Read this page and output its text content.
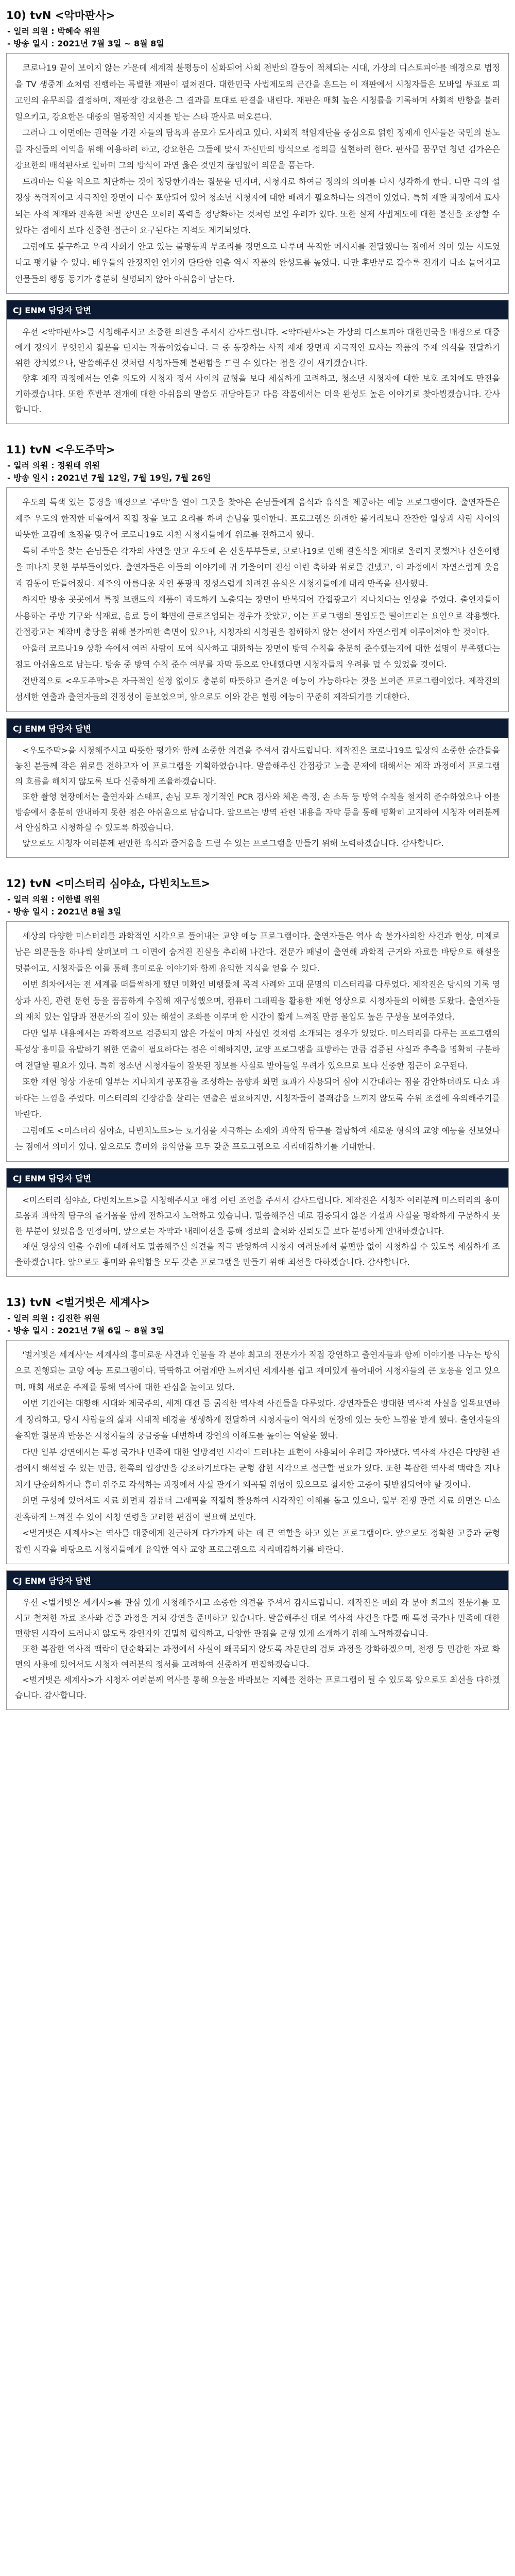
10) tvN <악마판사>
- 일러 의원 : 박혜숙 위원
- 방송 일시 : 2021년 7월 3일 ~ 8월 8일

코로나19 끝이 보이지 않는 가운데 세계적 불평등이 심화되어 사회 전반의 갈등이 적체되는 시대, 가상의 디스토피아를 배경으로 법정을 TV 생중계 쇼처럼 진행하는 특별한 재판이 펼쳐진다. 대한민국 사법제도의 근간을 흔드는 이 재판에서 시청자들은 모바일 투표로 피고인의 유무죄를 결정하며, 재판장 강요한은 그 결과를 토대로 판결을 내린다. 재판은 매회 높은 시청률을 기록하며 사회적 반향을 불러일으키고, 강요한은 대중의 열광적인 지지를 받는 스타 판사로 떠오른다.

그러나 그 이면에는 권력을 가진 자들의 탐욕과 음모가 도사리고 있다. 사회적 책임재단을 중심으로 얽힌 정재계 인사들은 국민의 분노를 자신들의 이익을 위해 이용하려 하고, 강요한은 그들에 맞서 자신만의 방식으로 정의를 실현하려 한다. 판사를 꿈꾸던 청년 김가온은 강요한의 배석판사로 일하며 그의 방식이 과연 옳은 것인지 끊임없이 의문을 품는다.

드라마는 악을 악으로 처단하는 것이 정당한가라는 질문을 던지며, 시청자로 하여금 정의의 의미를 다시 생각하게 한다. 다만 극의 설정상 폭력적이고 자극적인 장면이 다수 포함되어 있어 청소년 시청자에 대한 배려가 필요하다는 의견이 있었다. 특히 재판 과정에서 묘사되는 사적 제재와 잔혹한 처벌 장면은 오히려 폭력을 정당화하는 것처럼 보일 우려가 있다. 또한 실제 사법제도에 대한 불신을 조장할 수 있다는 점에서 보다 신중한 접근이 요구된다는 지적도 제기되었다.

그럼에도 불구하고 우리 사회가 안고 있는 불평등과 부조리를 정면으로 다루며 묵직한 메시지를 전달했다는 점에서 의미 있는 시도였다고 평가할 수 있다. 배우들의 안정적인 연기와 탄탄한 연출 역시 작품의 완성도를 높였다. 다만 후반부로 갈수록 전개가 다소 늘어지고 인물들의 행동 동기가 충분히 설명되지 않아 아쉬움이 남는다.

CJ ENM 담당자 답변

우선 <악마판사>를 시청해주시고 소중한 의견을 주셔서 감사드립니다. <악마판사>는 가상의 디스토피아 대한민국을 배경으로 대중에게 정의가 무엇인지 질문을 던지는 작품이었습니다. 극 중 등장하는 사적 제재 장면과 자극적인 묘사는 작품의 주제 의식을 전달하기 위한 장치였으나, 말씀해주신 것처럼 시청자들께 불편함을 드릴 수 있다는 점을 깊이 새기겠습니다.

향후 제작 과정에서는 연출 의도와 시청자 정서 사이의 균형을 보다 세심하게 고려하고, 청소년 시청자에 대한 보호 조치에도 만전을 기하겠습니다. 또한 후반부 전개에 대한 아쉬움의 말씀도 귀담아듣고 다음 작품에서는 더욱 완성도 높은 이야기로 찾아뵙겠습니다. 감사합니다.

11) tvN <우도주막>
- 일러 의원 : 정원태 위원
- 방송 일시 : 2021년 7월 12일, 7월 19일, 7월 26일

우도의 특색 있는 풍경을 배경으로 '주막'을 열어 그곳을 찾아온 손님들에게 음식과 휴식을 제공하는 예능 프로그램이다. 출연자들은 제주 우도의 한적한 마을에서 직접 장을 보고 요리를 하며 손님을 맞이한다. 프로그램은 화려한 볼거리보다 잔잔한 일상과 사람 사이의 따뜻한 교감에 초점을 맞추어 코로나19로 지친 시청자들에게 위로를 전하고자 했다.

특히 주막을 찾는 손님들은 각자의 사연을 안고 우도에 온 신혼부부들로, 코로나19로 인해 결혼식을 제대로 올리지 못했거나 신혼여행을 떠나지 못한 부부들이었다. 출연자들은 이들의 이야기에 귀 기울이며 진심 어린 축하와 위로를 건넸고, 이 과정에서 자연스럽게 웃음과 감동이 만들어졌다. 제주의 아름다운 자연 풍광과 정성스럽게 차려진 음식은 시청자들에게 대리 만족을 선사했다.

하지만 방송 곳곳에서 특정 브랜드의 제품이 과도하게 노출되는 장면이 반복되어 간접광고가 지나치다는 인상을 주었다. 출연자들이 사용하는 주방 기구와 식재료, 음료 등이 화면에 클로즈업되는 경우가 잦았고, 이는 프로그램의 몰입도를 떨어뜨리는 요인으로 작용했다. 간접광고는 제작비 충당을 위해 불가피한 측면이 있으나, 시청자의 시청권을 침해하지 않는 선에서 자연스럽게 이루어져야 할 것이다.

아울러 코로나19 상황 속에서 여러 사람이 모여 식사하고 대화하는 장면이 방역 수칙을 충분히 준수했는지에 대한 설명이 부족했다는 점도 아쉬움으로 남는다. 방송 중 방역 수칙 준수 여부를 자막 등으로 안내했다면 시청자들의 우려를 덜 수 있었을 것이다.

전반적으로 <우도주막>은 자극적인 설정 없이도 충분히 따뜻하고 즐거운 예능이 가능하다는 것을 보여준 프로그램이었다. 제작진의 섬세한 연출과 출연자들의 진정성이 돋보였으며, 앞으로도 이와 같은 힐링 예능이 꾸준히 제작되기를 기대한다.

CJ ENM 담당자 답변

<우도주막>을 시청해주시고 따뜻한 평가와 함께 소중한 의견을 주셔서 감사드립니다. 제작진은 코로나19로 일상의 소중한 순간들을 놓친 분들께 작은 위로를 전하고자 이 프로그램을 기획하였습니다. 말씀해주신 간접광고 노출 문제에 대해서는 제작 과정에서 프로그램의 흐름을 해치지 않도록 보다 신중하게 조율하겠습니다.

또한 촬영 현장에서는 출연자와 스태프, 손님 모두 정기적인 PCR 검사와 체온 측정, 손 소독 등 방역 수칙을 철저히 준수하였으나 이를 방송에서 충분히 안내하지 못한 점은 아쉬움으로 남습니다. 앞으로는 방역 관련 내용을 자막 등을 통해 명확히 고지하여 시청자 여러분께서 안심하고 시청하실 수 있도록 하겠습니다.

앞으로도 시청자 여러분께 편안한 휴식과 즐거움을 드릴 수 있는 프로그램을 만들기 위해 노력하겠습니다. 감사합니다.

12) tvN <미스터리 심야쇼, 다빈치노트>
- 일러 의원 : 이한별 위원
- 방송 일시 : 2021년 8월 3일

세상의 다양한 미스터리를 과학적인 시각으로 풀어내는 교양 예능 프로그램이다. 출연자들은 역사 속 불가사의한 사건과 현상, 미제로 남은 의문들을 하나씩 살펴보며 그 이면에 숨겨진 진실을 추리해 나간다. 전문가 패널이 출연해 과학적 근거와 자료를 바탕으로 해설을 덧붙이고, 시청자들은 이를 통해 흥미로운 이야기와 함께 유익한 지식을 얻을 수 있다.

이번 회차에서는 전 세계를 떠들썩하게 했던 미확인 비행물체 목격 사례와 고대 문명의 미스터리를 다루었다. 제작진은 당시의 기록 영상과 사진, 관련 문헌 등을 꼼꼼하게 수집해 재구성했으며, 컴퓨터 그래픽을 활용한 재현 영상으로 시청자들의 이해를 도왔다. 출연자들의 재치 있는 입담과 전문가의 깊이 있는 해설이 조화를 이루며 한 시간이 짧게 느껴질 만큼 몰입도 높은 구성을 보여주었다.

다만 일부 내용에서는 과학적으로 검증되지 않은 가설이 마치 사실인 것처럼 소개되는 경우가 있었다. 미스터리를 다루는 프로그램의 특성상 흥미를 유발하기 위한 연출이 필요하다는 점은 이해하지만, 교양 프로그램을 표방하는 만큼 검증된 사실과 추측을 명확히 구분하여 전달할 필요가 있다. 특히 청소년 시청자들이 잘못된 정보를 사실로 받아들일 우려가 있으므로 보다 신중한 접근이 요구된다.

또한 재현 영상 가운데 일부는 지나치게 공포감을 조성하는 음향과 화면 효과가 사용되어 심야 시간대라는 점을 감안하더라도 다소 과하다는 느낌을 주었다. 미스터리의 긴장감을 살리는 연출은 필요하지만, 시청자들이 불쾌감을 느끼지 않도록 수위 조절에 유의해주기를 바란다.

그럼에도 <미스터리 심야쇼, 다빈치노트>는 호기심을 자극하는 소재와 과학적 탐구를 결합하여 새로운 형식의 교양 예능을 선보였다는 점에서 의미가 있다. 앞으로도 흥미와 유익함을 모두 갖춘 프로그램으로 자리매김하기를 기대한다.

CJ ENM 담당자 답변

<미스터리 심야쇼, 다빈치노트>를 시청해주시고 애정 어린 조언을 주셔서 감사드립니다. 제작진은 시청자 여러분께 미스터리의 흥미로움과 과학적 탐구의 즐거움을 함께 전하고자 노력하고 있습니다. 말씀해주신 대로 검증되지 않은 가설과 사실을 명확하게 구분하지 못한 부분이 있었음을 인정하며, 앞으로는 자막과 내레이션을 통해 정보의 출처와 신뢰도를 보다 분명하게 안내하겠습니다.

재현 영상의 연출 수위에 대해서도 말씀해주신 의견을 적극 반영하여 시청자 여러분께서 불편함 없이 시청하실 수 있도록 세심하게 조율하겠습니다. 앞으로도 흥미와 유익함을 모두 갖춘 프로그램을 만들기 위해 최선을 다하겠습니다. 감사합니다.

13) tvN <벌거벗은 세계사>
- 일러 의원 : 김진한 위원
- 방송 일시 : 2021년 7월 6일 ~ 8월 3일

'벌거벗은 세계사'는 세계사의 흥미로운 사건과 인물을 각 분야 최고의 전문가가 직접 강연하고 출연자들과 함께 이야기를 나누는 방식으로 진행되는 교양 예능 프로그램이다. 딱딱하고 어렵게만 느껴지던 세계사를 쉽고 재미있게 풀어내어 시청자들의 큰 호응을 얻고 있으며, 매회 새로운 주제를 통해 역사에 대한 관심을 높이고 있다.

이번 기간에는 대항해 시대와 제국주의, 세계 대전 등 굵직한 역사적 사건들을 다루었다. 강연자들은 방대한 역사적 사실을 일목요연하게 정리하고, 당시 사람들의 삶과 시대적 배경을 생생하게 전달하여 시청자들이 역사의 현장에 있는 듯한 느낌을 받게 했다. 출연자들의 솔직한 질문과 반응은 시청자들의 궁금증을 대변하며 강연의 이해도를 높이는 역할을 했다.

다만 일부 강연에서는 특정 국가나 민족에 대한 일방적인 시각이 드러나는 표현이 사용되어 우려를 자아냈다. 역사적 사건은 다양한 관점에서 해석될 수 있는 만큼, 한쪽의 입장만을 강조하기보다는 균형 잡힌 시각으로 접근할 필요가 있다. 또한 복잡한 역사적 맥락을 지나치게 단순화하거나 흥미 위주로 각색하는 과정에서 사실 관계가 왜곡될 위험이 있으므로 철저한 고증이 뒷받침되어야 할 것이다.

화면 구성에 있어서도 자료 화면과 컴퓨터 그래픽을 적절히 활용하여 시각적인 이해를 돕고 있으나, 일부 전쟁 관련 자료 화면은 다소 잔혹하게 느껴질 수 있어 시청 연령을 고려한 편집이 필요해 보인다.

<벌거벗은 세계사>는 역사를 대중에게 친근하게 다가가게 하는 데 큰 역할을 하고 있는 프로그램이다. 앞으로도 정확한 고증과 균형 잡힌 시각을 바탕으로 시청자들에게 유익한 역사 교양 프로그램으로 자리매김하기를 바란다.

CJ ENM 담당자 답변

우선 <벌거벗은 세계사>를 관심 있게 시청해주시고 소중한 의견을 주셔서 감사드립니다. 제작진은 매회 각 분야 최고의 전문가를 모시고 철저한 자료 조사와 검증 과정을 거쳐 강연을 준비하고 있습니다. 말씀해주신 대로 역사적 사건을 다룰 때 특정 국가나 민족에 대한 편향된 시각이 드러나지 않도록 강연자와 긴밀히 협의하고, 다양한 관점을 균형 있게 소개하기 위해 노력하겠습니다.

또한 복잡한 역사적 맥락이 단순화되는 과정에서 사실이 왜곡되지 않도록 자문단의 검토 과정을 강화하겠으며, 전쟁 등 민감한 자료 화면의 사용에 있어서도 시청자 여러분의 정서를 고려하여 신중하게 편집하겠습니다.

<벌거벗은 세계사>가 시청자 여러분께 역사를 통해 오늘을 바라보는 지혜를 전하는 프로그램이 될 수 있도록 앞으로도 최선을 다하겠습니다. 감사합니다.
